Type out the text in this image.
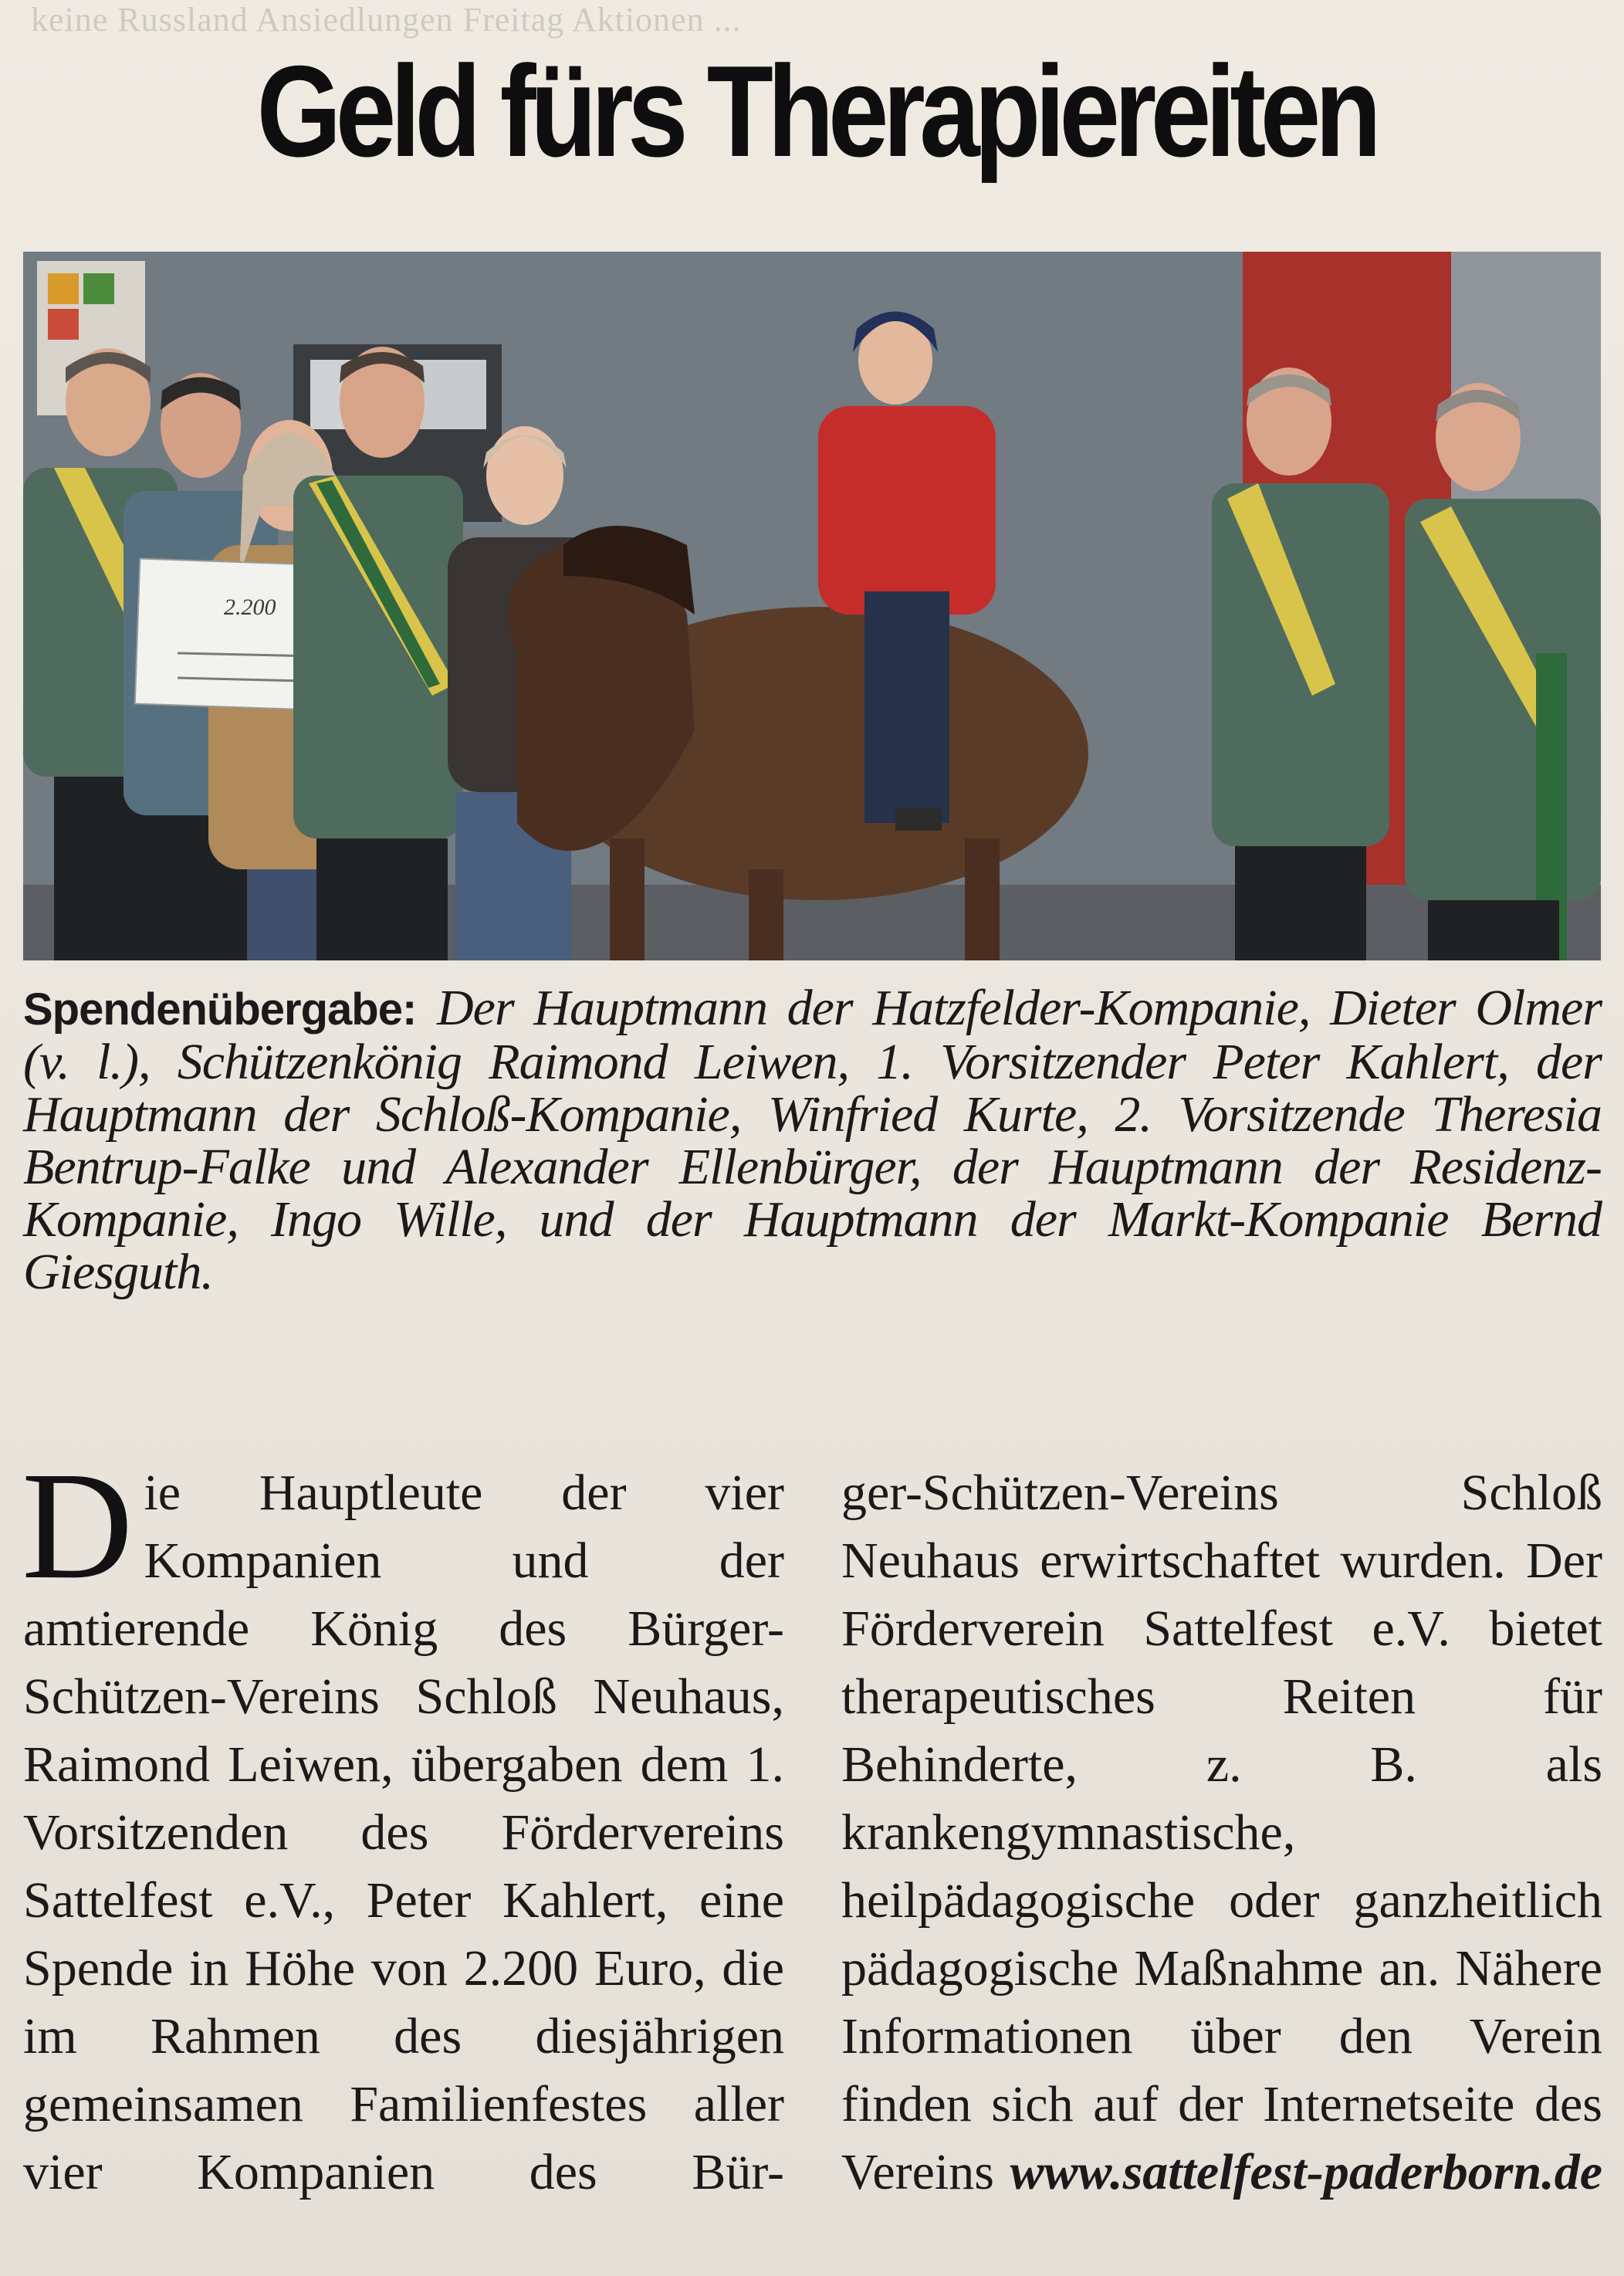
keine Russland Ansiedlungen Freitag Aktionen ...
Geld fürs Therapiereiten
2.200

Spendenübergabe: Der Hauptmann der Hatzfelder-Kompanie, Dieter Olmer (v. l.), Schützenkönig Raimond Leiwen, 1. Vorsitzender Peter Kahlert, der Hauptmann der Schloß-Kompanie, Winfried Kurte, 2. Vorsitzende Theresia Bentrup-Falke und Alexander Ellenbürger, der Hauptmann der Residenz-Kompanie, Ingo Wille, und der Hauptmann der Markt-Kompanie Bernd Giesguth.

Die Hauptleute der vier Kompanien und der amtierende König des Bürger-Schützen-Vereins Schloß Neuhaus, Raimond Leiwen, übergaben dem 1. Vorsitzenden des Fördervereins Sattelfest e.V., Peter Kahlert, eine Spende in Höhe von 2.200 Euro, die im Rahmen des diesjährigen gemeinsamen Familienfestes aller vier Kompanien des Bür-

ger-Schützen-Vereins Schloß Neuhaus erwirtschaftet wurden. Der Förderverein Sattelfest e.V. bietet therapeutisches Reiten für Behinderte, z. B. als krankengymnastische, heilpädagogische oder ganzheitlich pädagogische Maßnahme an. Nähere Informationen über den Verein finden sich auf der Internetseite des Vereins www.sattelfest-paderborn.de
